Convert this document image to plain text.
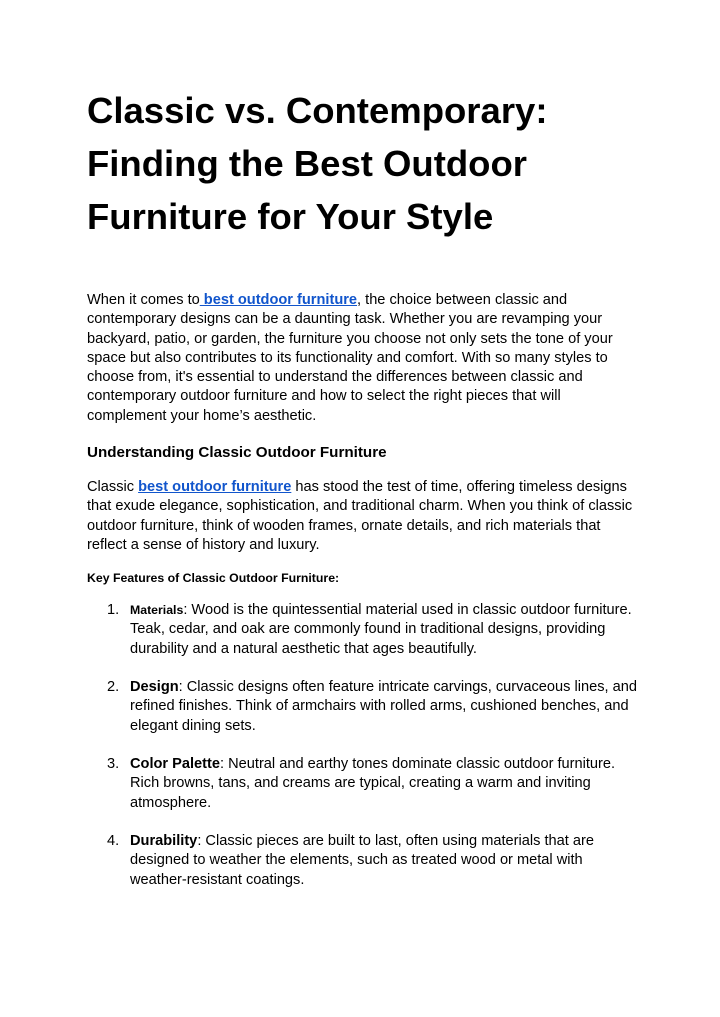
Classic vs. Contemporary: Finding the Best Outdoor Furniture for Your Style

When it comes to best outdoor furniture, the choice between classic and contemporary designs can be a daunting task. Whether you are revamping your backyard, patio, or garden, the furniture you choose not only sets the tone of your space but also contributes to its functionality and comfort. With so many styles to choose from, it's essential to understand the differences between classic and contemporary outdoor furniture and how to select the right pieces that will complement your home’s aesthetic.

Understanding Classic Outdoor Furniture

Classic best outdoor furniture has stood the test of time, offering timeless designs that exude elegance, sophistication, and traditional charm. When you think of classic outdoor furniture, think of wooden frames, ornate details, and rich materials that reflect a sense of history and luxury.

Key Features of Classic Outdoor Furniture:
1. Materials: Wood is the quintessential material used in classic outdoor furniture. Teak, cedar, and oak are commonly found in traditional designs, providing durability and a natural aesthetic that ages beautifully.
2. Design: Classic designs often feature intricate carvings, curvaceous lines, and refined finishes. Think of armchairs with rolled arms, cushioned benches, and elegant dining sets.
3. Color Palette: Neutral and earthy tones dominate classic outdoor furniture. Rich browns, tans, and creams are typical, creating a warm and inviting atmosphere.
4. Durability: Classic pieces are built to last, often using materials that are designed to weather the elements, such as treated wood or metal with weather-resistant coatings.
